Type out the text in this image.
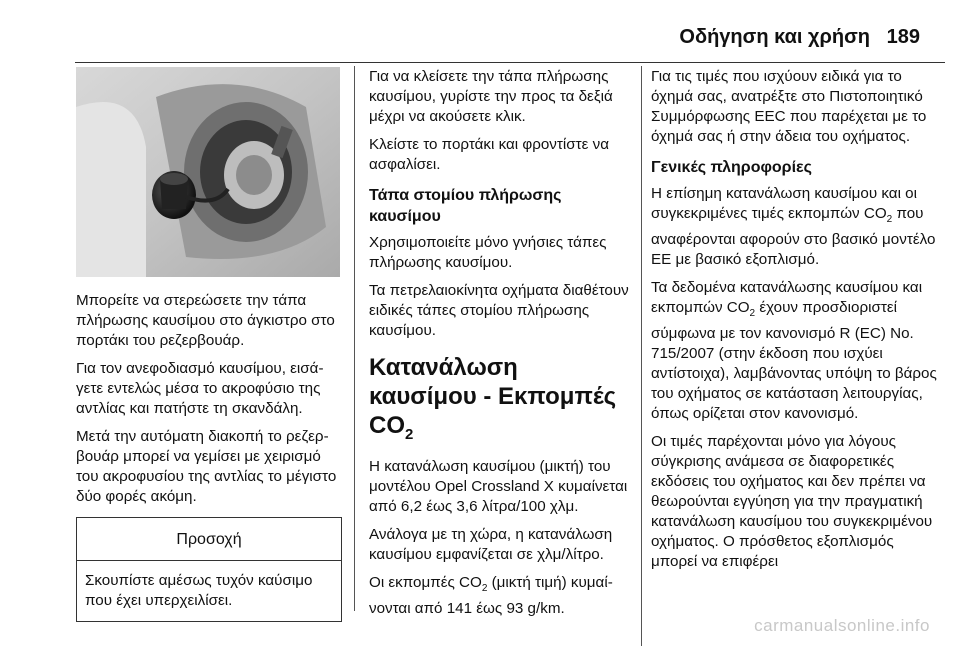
Οδήγηση και χρήση 189

Μπορείτε να στερεώσετε την τάπα πλήρωσης καυσίμου στο άγκιστρο στο πορτάκι του ρεζερβουάρ.

Για τον ανεφοδιασμό καυσίμου, εισάγετε εντελώς μέσα το ακροφύσιο της αντλίας και πατήστε τη σκανδάλη.

Μετά την αυτόματη διακοπή το ρεζερβουάρ μπορεί να γεμίσει με χειρισμό του ακροφυσίου της αντλίας το μέγιστο δύο φορές ακόμη.

Προσοχή
Σκουπίστε αμέσως τυχόν καύσιμο που έχει υπερχειλίσει.

Για να κλείσετε την τάπα πλήρωσης καυσίμου, γυρίστε την προς τα δεξιά μέχρι να ακούσετε κλικ.

Κλείστε το πορτάκι και φροντίστε να ασφαλίσει.

Τάπα στομίου πλήρωσης καυσίμου

Χρησιμοποιείτε μόνο γνήσιες τάπες πλήρωσης καυσίμου.

Τα πετρελαιοκίνητα οχήματα διαθέτουν ειδικές τάπες στομίου πλήρωσης καυσίμου.

Κατανάλωση καυσίμου - Εκπομπές $CO_2$

Η κατανάλωση καυσίμου (μικτή) του μοντέλου Opel Crossland X κυμαίνεται από 6,2 έως 3,6 λίτρα/100 χλμ.

Ανάλογα με τη χώρα, η κατανάλωση καυσίμου εμφανίζεται σε χλμ/λίτρο.

Οι εκπομπές $CO_2$ (μικτή τιμή) κυμαίνονται από 141 έως 93 g/km.

Για τις τιμές που ισχύουν ειδικά για το όχημά σας, ανατρέξτε στο Πιστοποιητικό Συμμόρφωσης EEC που παρέχεται με το όχημά σας ή στην άδεια του οχήματος.

Γενικές πληροφορίες

Η επίσημη κατανάλωση καυσίμου και οι συγκεκριμένες τιμές εκπομπών $CO_2$ που αναφέρονται αφορούν στο βασικό μοντέλο ΕΕ με βασικό εξοπλισμό.

Τα δεδομένα κατανάλωσης καυσίμου και εκπομπών $CO_2$ έχουν προσδιοριστεί σύμφωνα με τον κανονισμό R (EC) No. 715/2007 (στην έκδοση που ισχύει αντίστοιχα), λαμβάνοντας υπόψη το βάρος του οχήματος σε κατάσταση λειτουργίας, όπως ορίζεται στον κανονισμό.

Οι τιμές παρέχονται μόνο για λόγους σύγκρισης ανάμεσα σε διαφορετικές εκδόσεις του οχήματος και δεν πρέπει να θεωρούνται εγγύηση για την πραγματική κατανάλωση καυσίμου του συγκεκριμένου οχήματος. Ο πρόσθετος εξοπλισμός μπορεί να επιφέρει

carmanualsonline.info
